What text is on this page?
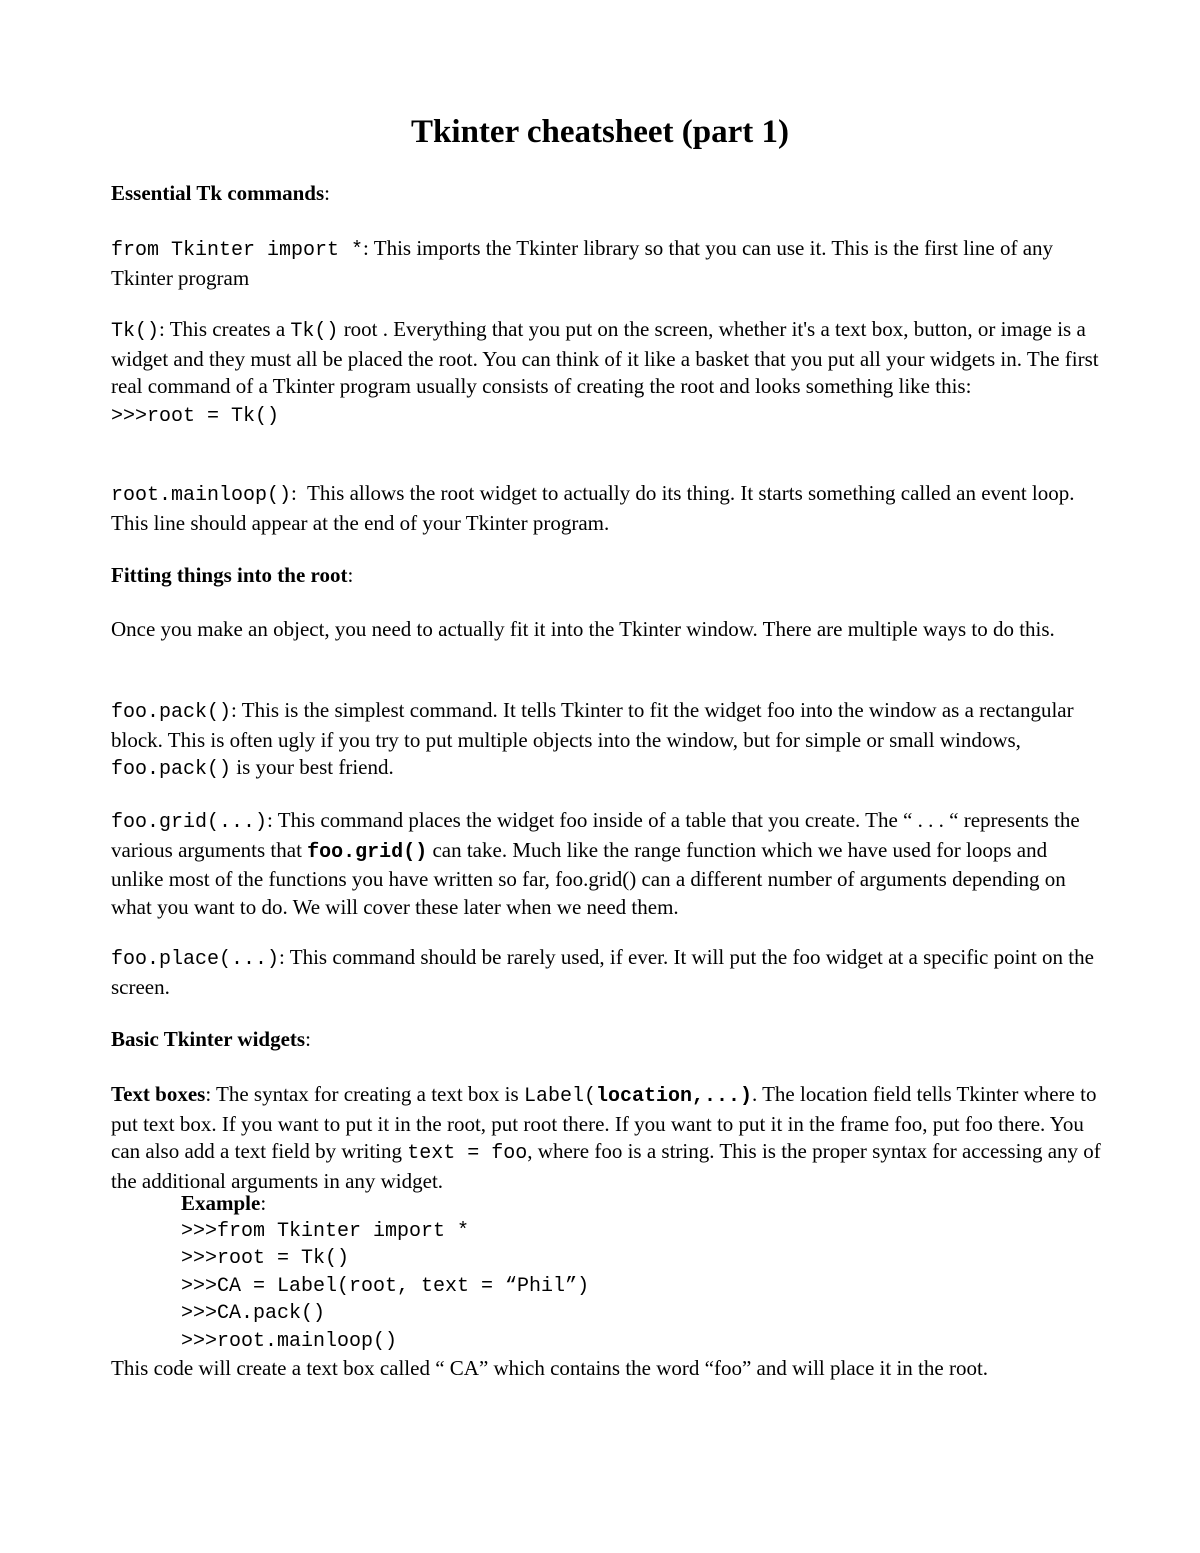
Tkinter cheatsheet (part 1)

Essential Tk commands:

from Tkinter import *: This imports the Tkinter library so that you can use it. This is the first line of any Tkinter program

Tk(): This creates a Tk() root . Everything that you put on the screen, whether it's a text box, button, or image is a widget and they must all be placed the root. You can think of it like a basket that you put all your widgets in. The first real command of a Tkinter program usually consists of creating the root and looks something like this:
>>>root = Tk()

root.mainloop():  This allows the root widget to actually do its thing. It starts something called an event loop. This line should appear at the end of your Tkinter program.

Fitting things into the root:

Once you make an object, you need to actually fit it into the Tkinter window. There are multiple ways to do this.

foo.pack(): This is the simplest command. It tells Tkinter to fit the widget foo into the window as a rectangular block. This is often ugly if you try to put multiple objects into the window, but for simple or small windows, foo.pack() is your best friend.

foo.grid(...): This command places the widget foo inside of a table that you create. The “ . . . “ represents the various arguments that foo.grid() can take. Much like the range function which we have used for loops and unlike most of the functions you have written so far, foo.grid() can a different number of arguments depending on what you want to do. We will cover these later when we need them.

foo.place(...): This command should be rarely used, if ever. It will put the foo widget at a specific point on the screen.

Basic Tkinter widgets:

Text boxes: The syntax for creating a text box is Label(location,...). The location field tells Tkinter where to put text box. If you want to put it in the root, put root there. If you want to put it in the frame foo, put foo there. You can also add a text field by writing text = foo, where foo is a string. This is the proper syntax for accessing any of the additional arguments in any widget.

Example:
>>>from Tkinter import *
>>>root = Tk()
>>>CA = Label(root, text = “Phil”)
>>>CA.pack()
>>>root.mainloop()

This code will create a text box called “ CA” which contains the word “foo” and will place it in the root.
